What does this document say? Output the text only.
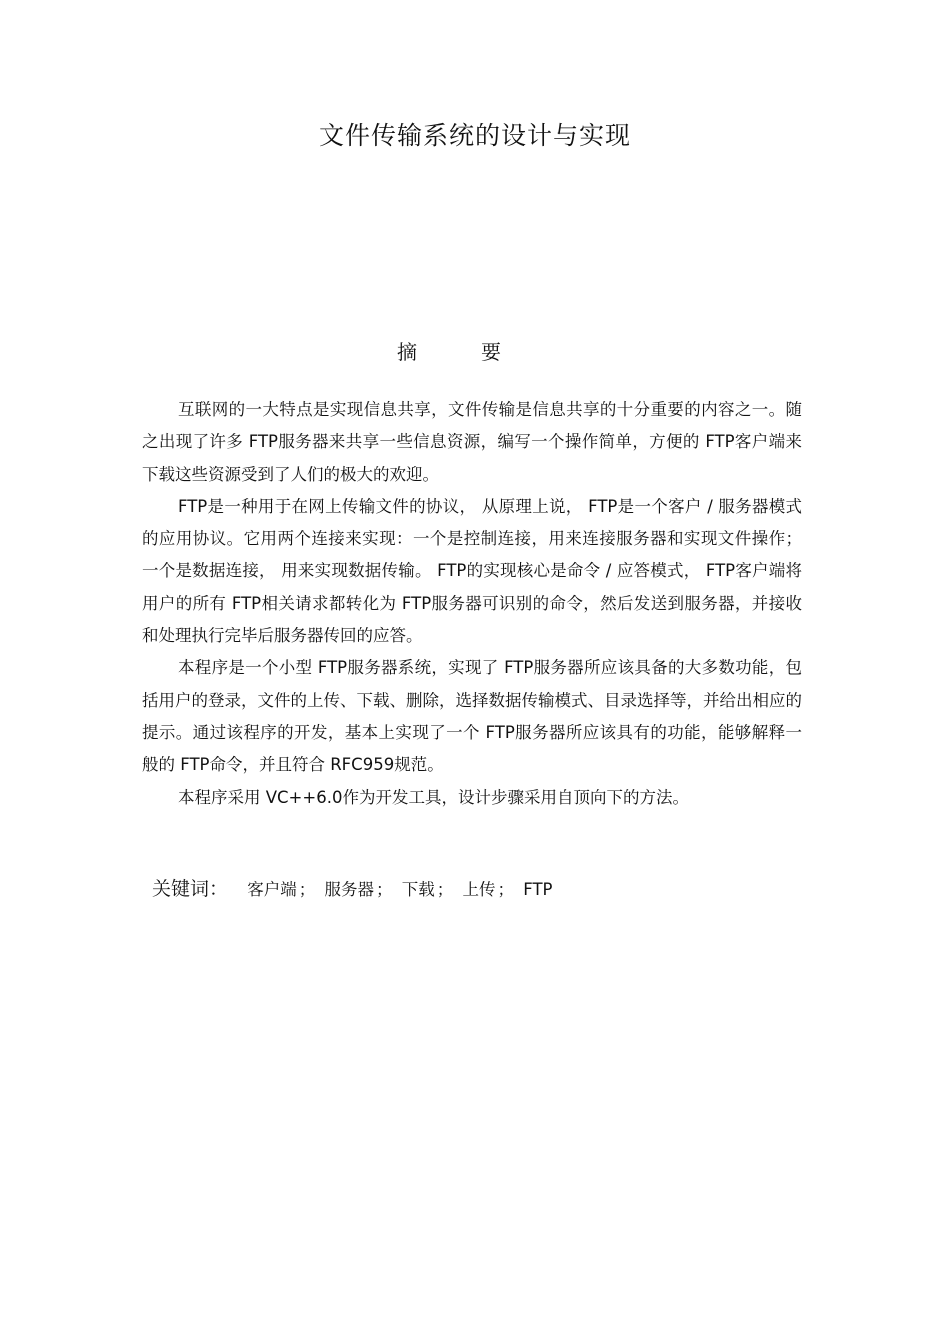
文件传输系统的设计与实现
摘　要

互联网的一大特点是实现信息共享，文件传输是信息共享的十分重要的内容之一。随之出现了许多 FTP服务器来共享一些信息资源，编写一个操作简单，方便的 FTP客户端来下载这些资源受到了人们的极大的欢迎。

FTP是一种用于在网上传输文件的协议， 从原理上说， FTP是一个客户 / 服务器模式的应用协议。它用两个连接来实现：一个是控制连接，用来连接服务器和实现文件操作； 一个是数据连接， 用来实现数据传输。 FTP的实现核心是命令 / 应答模式， FTP客户端将用户的所有 FTP相关请求都转化为 FTP服务器可识别的命令，然后发送到服务器，并接收和处理执行完毕后服务器传回的应答。

本程序是一个小型 FTP服务器系统，实现了 FTP服务器所应该具备的大多数功能，包括用户的登录，文件的上传、下载、删除，选择数据传输模式、目录选择等，并给出相应的提示。通过该程序的开发，基本上实现了一个 FTP服务器所应该具有的功能，能够解释一般的 FTP命令，并且符合 RFC959规范。

本程序采用 VC++6.0作为开发工具，设计步骤采用自顶向下的方法。

关键词： 客户端 ； 服务器 ； 下载 ； 上传 ； FTP
